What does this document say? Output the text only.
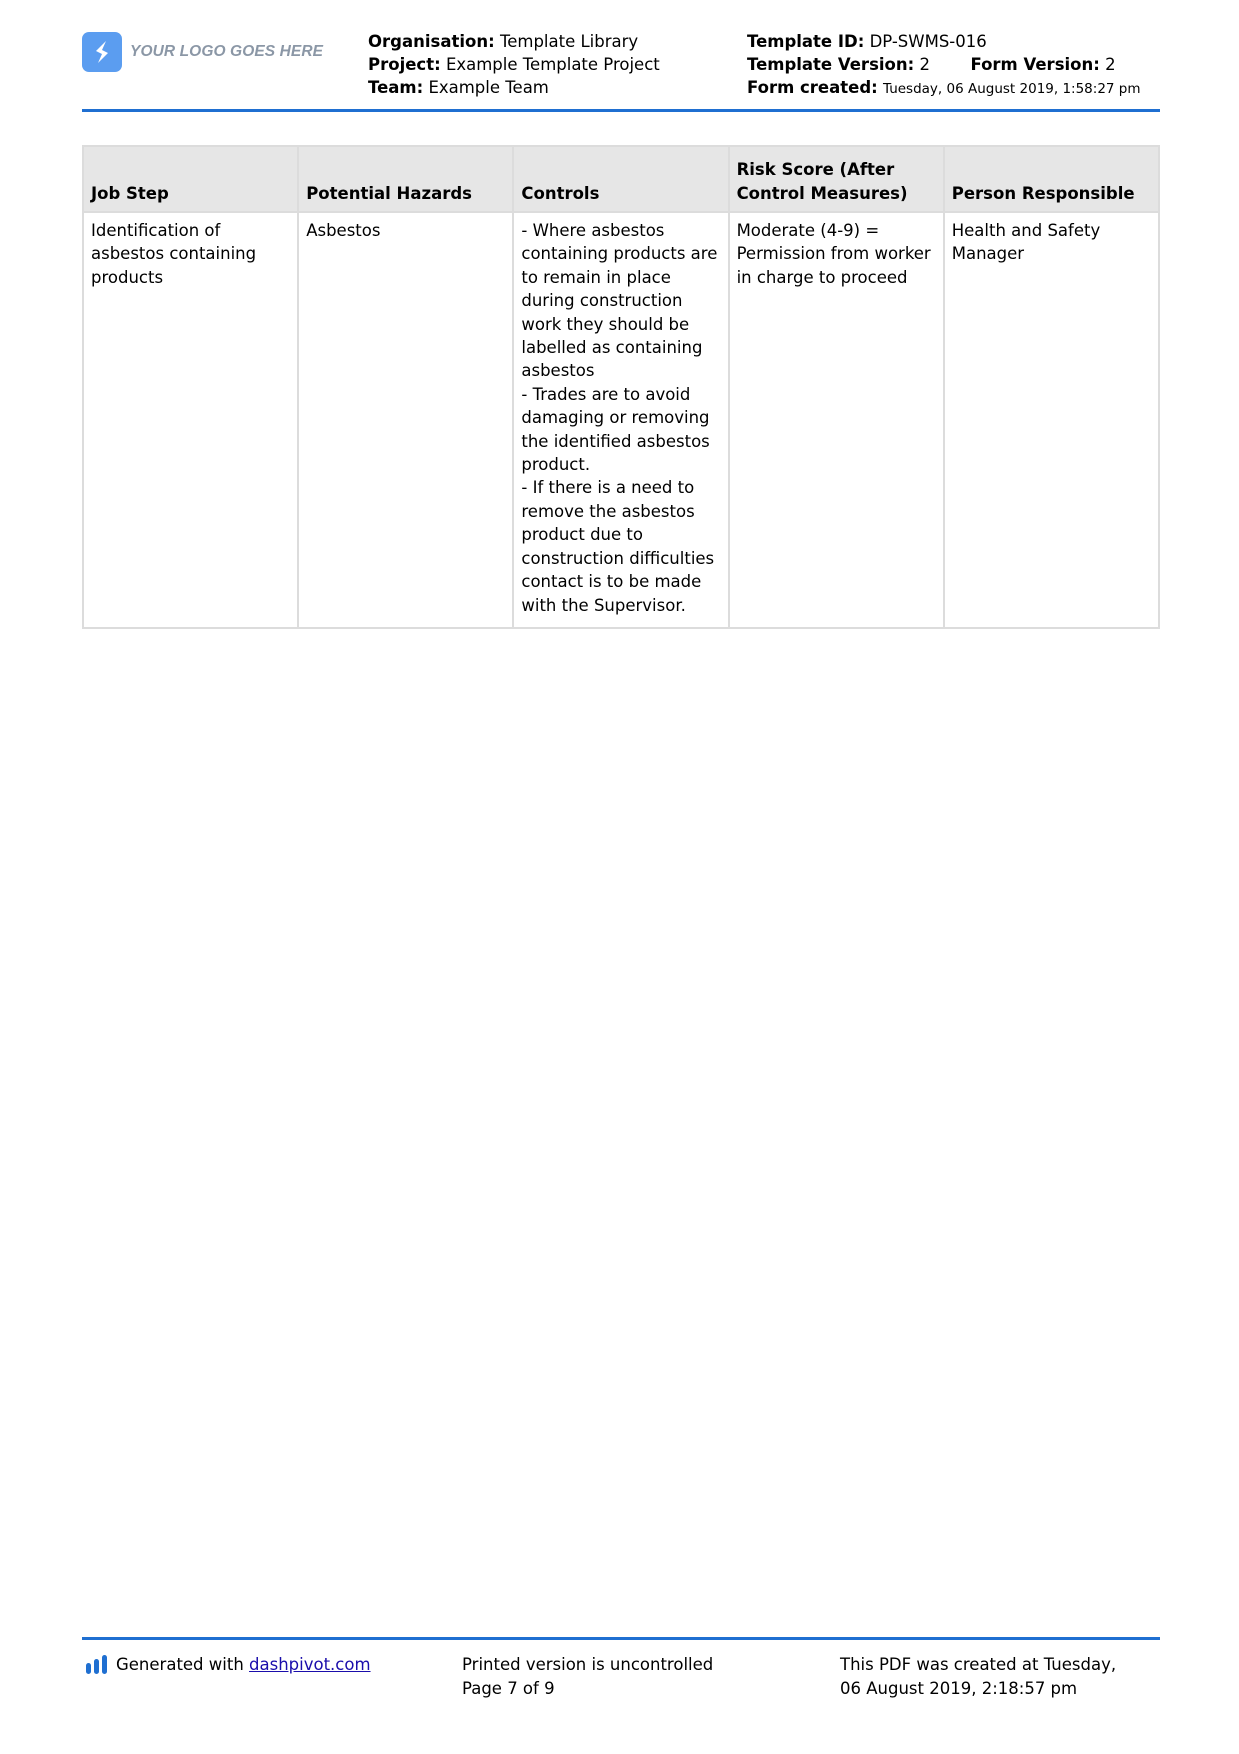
YOUR LOGO GOES HERE
Organisation: Template Library
Project: Example Template Project
Team: Example Team
Template ID: DP-SWMS-016
Template Version: 2 Form Version: 2
Form created: Tuesday, 06 August 2019, 1:58:27 pm
Job Step	Potential Hazards	Controls	Risk Score (After Control Measures)	Person Responsible
Identification of asbestos containing products	Asbestos	- Where asbestos containing products are to remain in place during construction work they should be labelled as containing asbestos
- Trades are to avoid damaging or removing the identified asbestos product.
- If there is a need to remove the asbestos product due to construction difficulties contact is to be made with the Supervisor.	Moderate (4-9) = Permission from worker in charge to proceed	Health and Safety Manager
Generated with dashpivot.com	Printed version is uncontrolled
Page 7 of 9
This PDF was created at Tuesday, 06 August 2019, 2:18:57 pm
